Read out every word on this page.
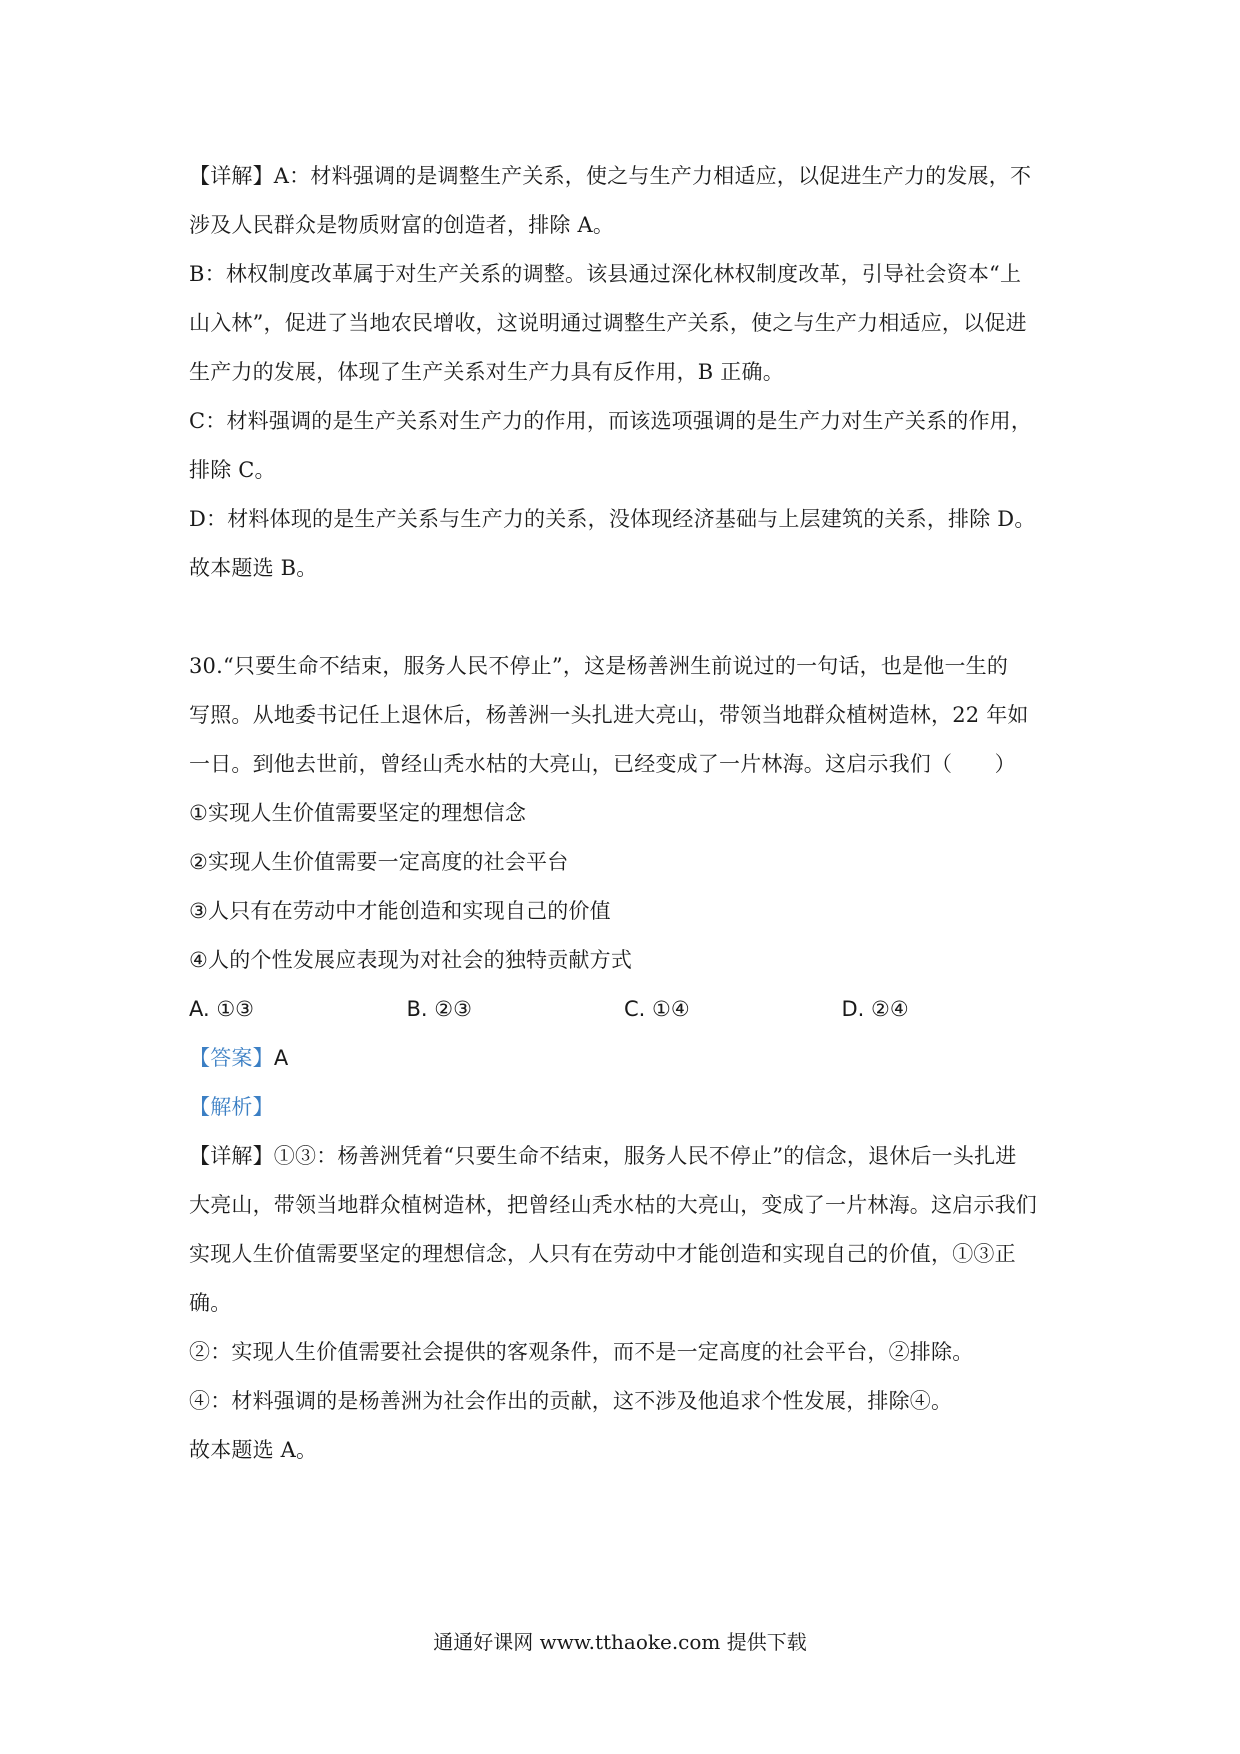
【详解】A：材料强调的是调整生产关系，使之与生产力相适应，以促进生产力的发展，不
涉及人民群众是物质财富的创造者，排除 A。
B：林权制度改革属于对生产关系的调整。该县通过深化林权制度改革，引导社会资本“上
山入林”，促进了当地农民增收，这说明通过调整生产关系，使之与生产力相适应，以促进
生产力的发展，体现了生产关系对生产力具有反作用，B 正确。
C：材料强调的是生产关系对生产力的作用，而该选项强调的是生产力对生产关系的作用，
排除 C。
D：材料体现的是生产关系与生产力的关系，没体现经济基础与上层建筑的关系，排除 D。
故本题选 B。
30.“只要生命不结束，服务人民不停止”，这是杨善洲生前说过的一句话，也是他一生的
写照。从地委书记任上退休后，杨善洲一头扎进大亮山，带领当地群众植树造林，22 年如
一日。到他去世前，曾经山秃水枯的大亮山，已经变成了一片林海。这启示我们（　　）
①实现人生价值需要坚定的理想信念
②实现人生价值需要一定高度的社会平台
③人只有在劳动中才能创造和实现自己的价值
④人的个性发展应表现为对社会的独特贡献方式
A. ①③	B. ②③	C. ①④	D. ②④
【答案】A
【解析】
【详解】①③：杨善洲凭着“只要生命不结束，服务人民不停止”的信念，退休后一头扎进
大亮山，带领当地群众植树造林，把曾经山秃水枯的大亮山，变成了一片林海。这启示我们
实现人生价值需要坚定的理想信念，人只有在劳动中才能创造和实现自己的价值，①③正
确。
②：实现人生价值需要社会提供的客观条件，而不是一定高度的社会平台，②排除。
④：材料强调的是杨善洲为社会作出的贡献，这不涉及他追求个性发展，排除④。
故本题选 A。
通通好课网 www.tthaoke.com 提供下载
